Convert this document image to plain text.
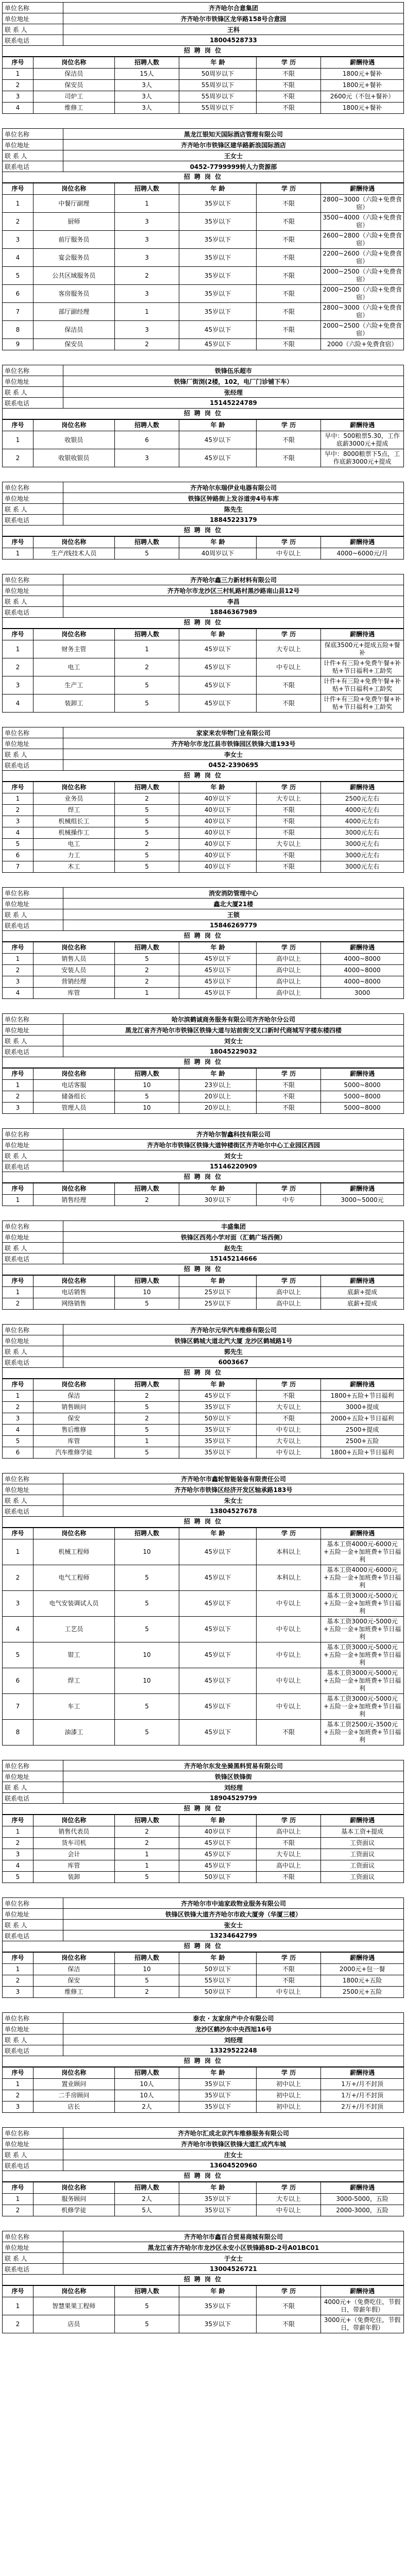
单位名称	齐齐哈尔合意集团
单位地址	齐齐哈尔市铁锋区龙华路158号合意园
联 系 人	王科
联系电话	18004528733
招 聘 岗 位
序号	岗位名称	招聘人数	年 龄	学 历	薪酬待遇
1	保洁员	15人	50周岁以下	不限	1800元+餐补
2	保安员	3人	55周岁以下	不限	1800元+餐补
3	司炉工	3人	55周岁以下	不限	2600元（不包+餐补）
4	维修工	3人	55周岁以下	不限	1800元+餐补
单位名称	黑龙江银知天国际酒店管理有限公司
单位地址	齐齐哈尔市铁锋区建华路新浪国际酒店
联 系 人	王女士
联系电话	0452-7799999转人力资源部
招 聘 岗 位
序号	岗位名称	招聘人数	年 龄	学 历	薪酬待遇
1	中餐厅副理	1	35岁以下	不限	2800~3000（六险+免费食宿）
2	厨师	3	35岁以下	不限	3500~4000（六险+免费食宿）
3	前厅服务员	3	35岁以下	不限	2600~2800（六险+免费食宿）
4	宴会服务员	3	35岁以下	不限	2200~2600（六险+免费食宿）
5	公共区域服务员	2	35岁以下	不限	2000~2500（六险+免费食宿）
6	客房服务员	3	35岁以下	不限	2000~2500（六险+免费食宿）
7	部厅副经理	1	35岁以下	不限	2800~3000（六险+免费食宿）
8	保洁员	3	45岁以下	不限	2000~2500（六险+免费食宿）
9	保安员	2	45岁以下	不限	2000（六险+免费食宿）
单位名称	铁锋伍乐超市
单位地址	铁锋厂街浏(2楼，102，电厂门诊铺下车）
联 系 人	张经理
联系电话	15145224789
招 聘 岗 位
序号	岗位名称	招聘人数	年 龄	学 历	薪酬待遇
1	收银员	6	45岁以下	不限	早中：500粮票5.30，工作底薪3000元+提成
2	收银收银员	3	45岁以下	不限	早中：8000粮票下5点，工作底薪3000元+提成
单位名称	齐齐哈尔东瑞伊业电器有限公司
单位地址	铁锋区钟路街上发谷道旁4号车库
联 系 人	陈先生
联系电话	18845223179
招 聘 岗 位
序号	岗位名称	招聘人数	年 龄	学 历	薪酬待遇
1	生产/线技术人员	5	40周岁以下	中专以上	4000~6000元/月
单位名称	齐齐哈尔鑫三力新材料有限公司
单位地址	齐齐哈尔市龙沙区三村轧路村黑沙路南山县12号
联 系 人	李昌
联系电话	18846367989
招 聘 岗 位
序号	岗位名称	招聘人数	年 龄	学 历	薪酬待遇
1	财务主管	1	45岁以下	大专以上	保底3500元+提成五险+餐补
2	电工	2	45岁以下	中专以上	计件+有三险+免费午餐+补贴+节日福利+工龄奖
3	生产工	5	45岁以下	不限	计件+有三险+免费午餐+补贴+节日福利+工龄奖
4	装卸工	5	45岁以下	不限	计件+有三险+免费午餐+补贴+节日福利+工龄奖
单位名称	家家来农华物门业有限公司
单位地址	齐齐哈尔市龙江县市铁锋园区铁锋大道193号
联 系 人	李女士
联系电话	0452-2390695
招 聘 岗 位
序号	岗位名称	招聘人数	年 龄	学 历	薪酬待遇
1	业务员	2	40岁以下	大专以上	2500元左右
2	焊工	5	40岁以下	不限	4000元左右
3	机械组长工	5	40岁以下	不限	4000元左右
4	机械操作工	5	40岁以下	不限	3000元左右
5	电工	2	40岁以下	大专以上	3000元左右
6	力工	5	40岁以下	不限	3000元左右
7	木工	5	40岁以下	不限	3000元左右
单位名称	消安消防管理中心
单位地址	鑫北大厦21楼
联 系 人	王锁
联系电话	15846269779
招 聘 岗 位
序号	岗位名称	招聘人数	年 龄	学 历	薪酬待遇
1	销售人员	5	45岁以下	高中以上	4000~8000
2	安装人员	2	45岁以下	高中以上	4000~8000
3	营销经理	2	45岁以下	高中以上	4000~8000
4	库管	1	45岁以下	高中以上	3000
单位名称	哈尔滨鹤诚商务服务有限公司齐齐哈尔分公司
单位地址	黑龙江省齐齐哈尔市铁锋区铁锋大道与站前街交叉口新时代商城写字楼东楼四楼
联 系 人	刘女士
联系电话	18045229032
招 聘 岗 位
序号	岗位名称	招聘人数	年 龄	学 历	薪酬待遇
1	电话客服	10	23岁以上	不限	5000~8000
2	储备组长	5	20岁以上	不限	5000~8000
3	管理人员	10	20岁以上	不限	5000~8000
单位名称	齐齐哈尔智鑫科技有限公司
单位地址	齐齐哈尔市铁锋区铁锋大道钟楼街区齐齐哈尔中心工业园区西园
联 系 人	刘女士
联系电话	15146220909
招 聘 岗 位
序号	岗位名称	招聘人数	年 龄	学 历	薪酬待遇
1	销售经理	2	30岁以下	中专	3000~5000元
单位名称	丰盛集团
单位地址	铁锋区西苑小学对面（汇鹤广场西侧）
联 系 人	赵先生
联系电话	15145214666
招 聘 岗 位
序号	岗位名称	招聘人数	年 龄	学 历	薪酬待遇
1	电话销售	10	25岁以下	高中以上	底薪+提成
2	网络销售	5	25岁以下	高中以上	底薪+提成
单位名称	齐齐哈尔元华汽车维修有限公司
单位地址	铁锋区鹤城大道北汽大厦 龙沙区鹤城路1号
联 系 人	郭先生
联系电话	6003667
招 聘 岗 位
序号	岗位名称	招聘人数	年 龄	学 历	薪酬待遇
1	保洁	2	45岁以下	不限	1800+五险+节日福利
2	销售顾问	5	35岁以下	大专以上	3000+提成
3	保安	2	50岁以下	不限	2000+五险+节日福利
4	售后维修	5	35岁以下	中专以上	2500+提成
5	库管	1	35岁以下	大专以上	2500+五险
6	汽车维修学徒	5	35岁以下	中专以上	1800+五险+节日福利
单位名称	齐齐哈尔市鑫轮智能装备有限责任公司
单位地址	齐齐哈尔市铁锋区经济开发区轴承路183号
联 系 人	朱女士
联系电话	13804527678
招 聘 岗 位
序号	岗位名称	招聘人数	年 龄	学 历	薪酬待遇
1	机械工程师	10	45岁以下	本科以上	基本工资4000元-6000元+五险一金+加班费+节日福利
2	电气工程师	5	45岁以下	本科以上	基本工资4000元-6000元+五险一金+加班费+节日福利
3	电气安装调试人员	5	45岁以下	中专以上	基本工资3000元-5000元+五险一金+加班费+节日福利
4	工艺员	5	45岁以下	中专以上	基本工资3000元-5000元+五险一金+加班费+节日福利
5	钳工	10	45岁以下	中专以上	基本工资3000元-5000元+五险一金+加班费+节日福利
6	焊工	10	45岁以下	中专以上	基本工资3000元-5000元+五险一金+加班费+节日福利
7	车工	5	45岁以下	中专以上	基本工资3000元-5000元+五险一金+加班费+节日福利
8	油漆工	5	45岁以下	不限	基本工资2500元-3500元+五险一金+加班费+节日福利
单位名称	齐齐哈尔东发坐骑黑料贸易有限公司
单位地址	铁锋区铁锋街
联 系 人	刘经理
联系电话	18904529799
招 聘 岗 位
序号	岗位名称	招聘人数	年 龄	学 历	薪酬待遇
1	销售代表员	2	40岁以下	高中以上	基本工资+提成
2	货车司机	2	45岁以下	不限	工资面议
3	会计	1	45岁以下	大专以上	工资面议
4	库管	1	45岁以下	高中以上	工资面议
5	装卸	5	50岁以下	不限	工资面议
单位名称	齐齐哈尔市中迪家政物业服务有限公司
单位地址	铁锋区铁锋大道齐齐哈尔市政大厦旁（华厦三楼）
联 系 人	张女士
联系电话	13234642799
招 聘 岗 位
序号	岗位名称	招聘人数	年 龄	学 历	薪酬待遇
1	保洁	10	50岁以下	不限	2000元+包一餐
2	保安	5	55岁以下	不限	1800元+五险
3	维修工	2	50岁以下	中专以上	2500元+五险
单位名称	泰农 · 友家房产中介有限公司
单位地址	龙沙区鹤沙东中央西旭16号
联 系 人	刘经理
联系电话	13329522248
招 聘 岗 位
序号	岗位名称	招聘人数	年 龄	学 历	薪酬待遇
1	置业顾问	10人	35岁以下	初中以上	1万+/月不封顶
2	二手房顾问	10人	35岁以下	初中以上	1万+/月不封顶
3	店长	2人	35岁以下	初中以上	2万+/月不封顶
单位名称	齐齐哈尔汇成北京汽车维修服务有限公司
单位地址	齐齐哈尔市铁锋区铁锋大道汇成汽车城
联 系 人	庄女士
联系电话	13604520960
招 聘 岗 位
序号	岗位名称	招聘人数	年 龄	学 历	薪酬待遇
1	服务顾问	2人	35岁以下	大专以上	3000-5000，五险
2	机修学徒	5人	35岁以下	中专以上	2000-3000，五险
单位名称	齐齐哈尔市鑫百合贸易商城有限公司
单位地址	黑龙江省齐齐哈尔市龙沙区永安小区铁锋路8D-2号A01BC01
联 系 人	于女士
联系电话	13004526721
招 聘 岗 位
序号	岗位名称	招聘人数	年 龄	学 历	薪酬待遇
1	智慧果果工程师	5	35岁以下	不限	4000元+（免费吃住，节假日，带薪年假）
2	店员	5	35岁以下	不限	3000元+（免费吃住，节假日，带薪年假）
